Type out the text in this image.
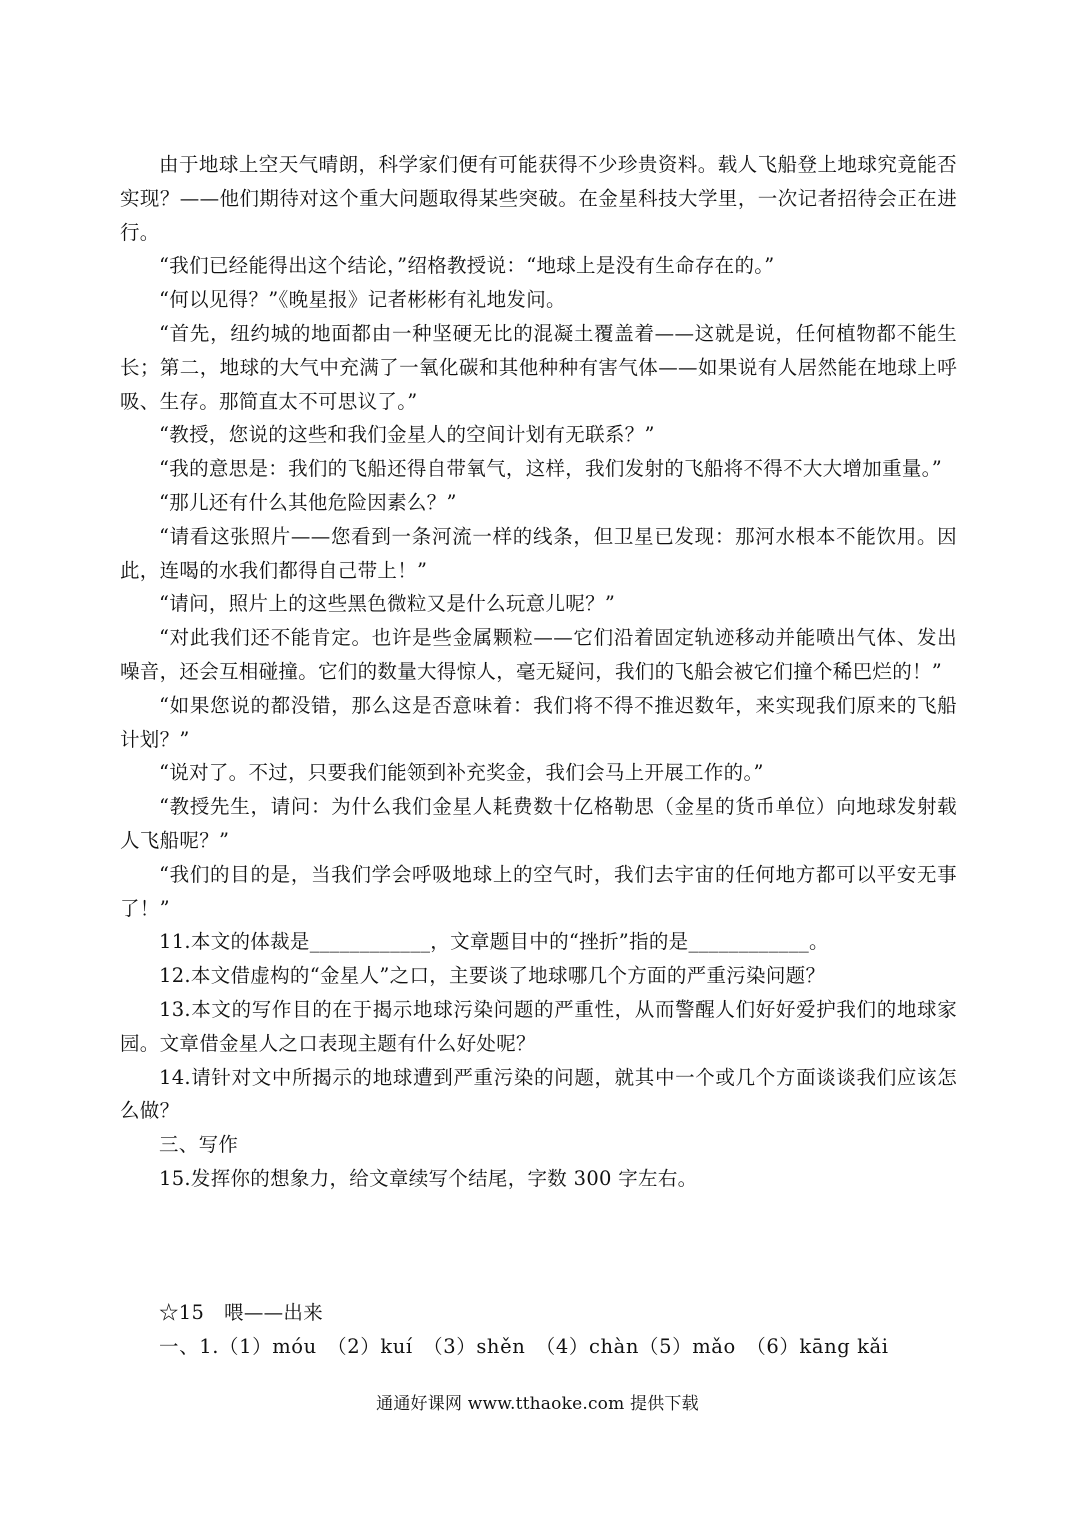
由于地球上空天气晴朗，科学家们便有可能获得不少珍贵资料。载人飞船登上地球究竟能否实现？——他们期待对这个重大问题取得某些突破。在金星科技大学里，一次记者招待会正在进行。

“我们已经能得出这个结论，”绍格教授说：“地球上是没有生命存在的。”

“何以见得？”《晚星报》记者彬彬有礼地发问。

“首先，纽约城的地面都由一种坚硬无比的混凝土覆盖着——这就是说，任何植物都不能生长；第二，地球的大气中充满了一氧化碳和其他种种有害气体——如果说有人居然能在地球上呼吸、生存。那简直太不可思议了。”

“教授，您说的这些和我们金星人的空间计划有无联系？”

“我的意思是：我们的飞船还得自带氧气，这样，我们发射的飞船将不得不大大增加重量。”

“那儿还有什么其他危险因素么？”

“请看这张照片——您看到一条河流一样的线条，但卫星已发现：那河水根本不能饮用。因此，连喝的水我们都得自己带上！”

“请问，照片上的这些黑色微粒又是什么玩意儿呢？”

“对此我们还不能肯定。也许是些金属颗粒——它们沿着固定轨迹移动并能喷出气体、发出噪音，还会互相碰撞。它们的数量大得惊人，毫无疑问，我们的飞船会被它们撞个稀巴烂的！”

“如果您说的都没错，那么这是否意味着：我们将不得不推迟数年，来实现我们原来的飞船计划？”

“说对了。不过，只要我们能领到补充奖金，我们会马上开展工作的。”

“教授先生，请问：为什么我们金星人耗费数十亿格勒思（金星的货币单位）向地球发射载人飞船呢？”

“我们的目的是，当我们学会呼吸地球上的空气时，我们去宇宙的任何地方都可以平安无事了！”

11.本文的体裁是____________，文章题目中的“挫折”指的是____________。

12.本文借虚构的“金星人”之口，主要谈了地球哪几个方面的严重污染问题？

13.本文的写作目的在于揭示地球污染问题的严重性，从而警醒人们好好爱护我们的地球家园。文章借金星人之口表现主题有什么好处呢？

14.请针对文中所揭示的地球遭到严重污染的问题，就其中一个或几个方面谈谈我们应该怎么做？

三、写作

15.发挥你的想象力，给文章续写个结尾，字数 300 字左右。

☆15　喂——出来

一、1.（1）móu　（2）kuí　（3）shěn　（4）chàn（5）mǎo　（6）kāng kǎi

通通好课网 www.tthaoke.com 提供下载
